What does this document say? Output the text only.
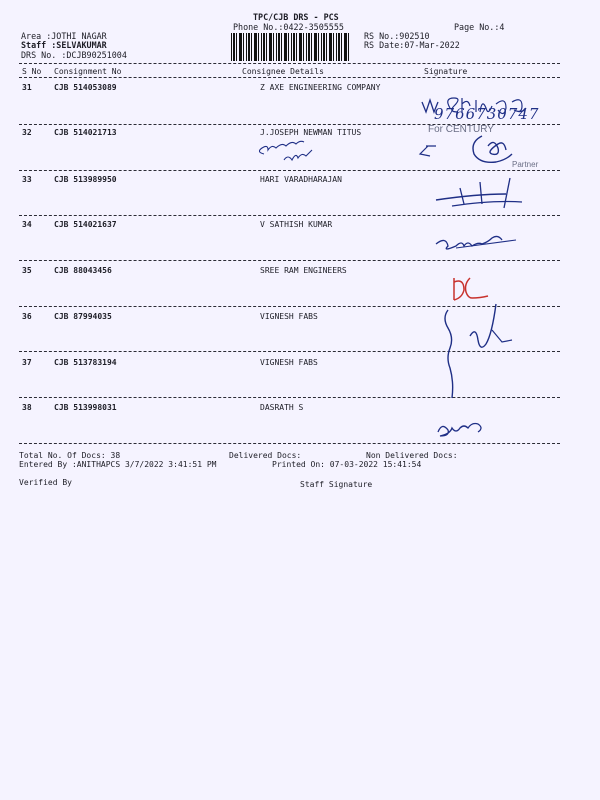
TPC/CJB DRS - PCS
Phone No.:0422-3505555	Page No.:4
Area :JOTHI NAGAR
Staff :SELVAKUMAR
DRS No. :DCJB90251004
RS No.:902510
RS Date:07-Mar-2022
S No Consignment No	Consignee Details	Signature
31	CJB 514053089	Z AXE ENGINEERING COMPANY
32	CJB 514021713	J.JOSEPH NEWMAN TITUS
33	CJB 513989950	HARI VARADHARAJAN
34	CJB 514021637	V SATHISH KUMAR
35	CJB 88043456	SREE RAM ENGINEERS
36	CJB 87994035	VIGNESH FABS
37	CJB 513783194	VIGNESH FABS
38	CJB 513998031	DASRATH S
9766730747
For CENTURY
Partner
Total No. Of Docs: 38	Delivered Docs:	Non Delivered Docs:
Entered By :ANITHAPCS 3/7/2022 3:41:51 PM	Printed On: 07-03-2022 15:41:54
Verified By	Staff Signature
